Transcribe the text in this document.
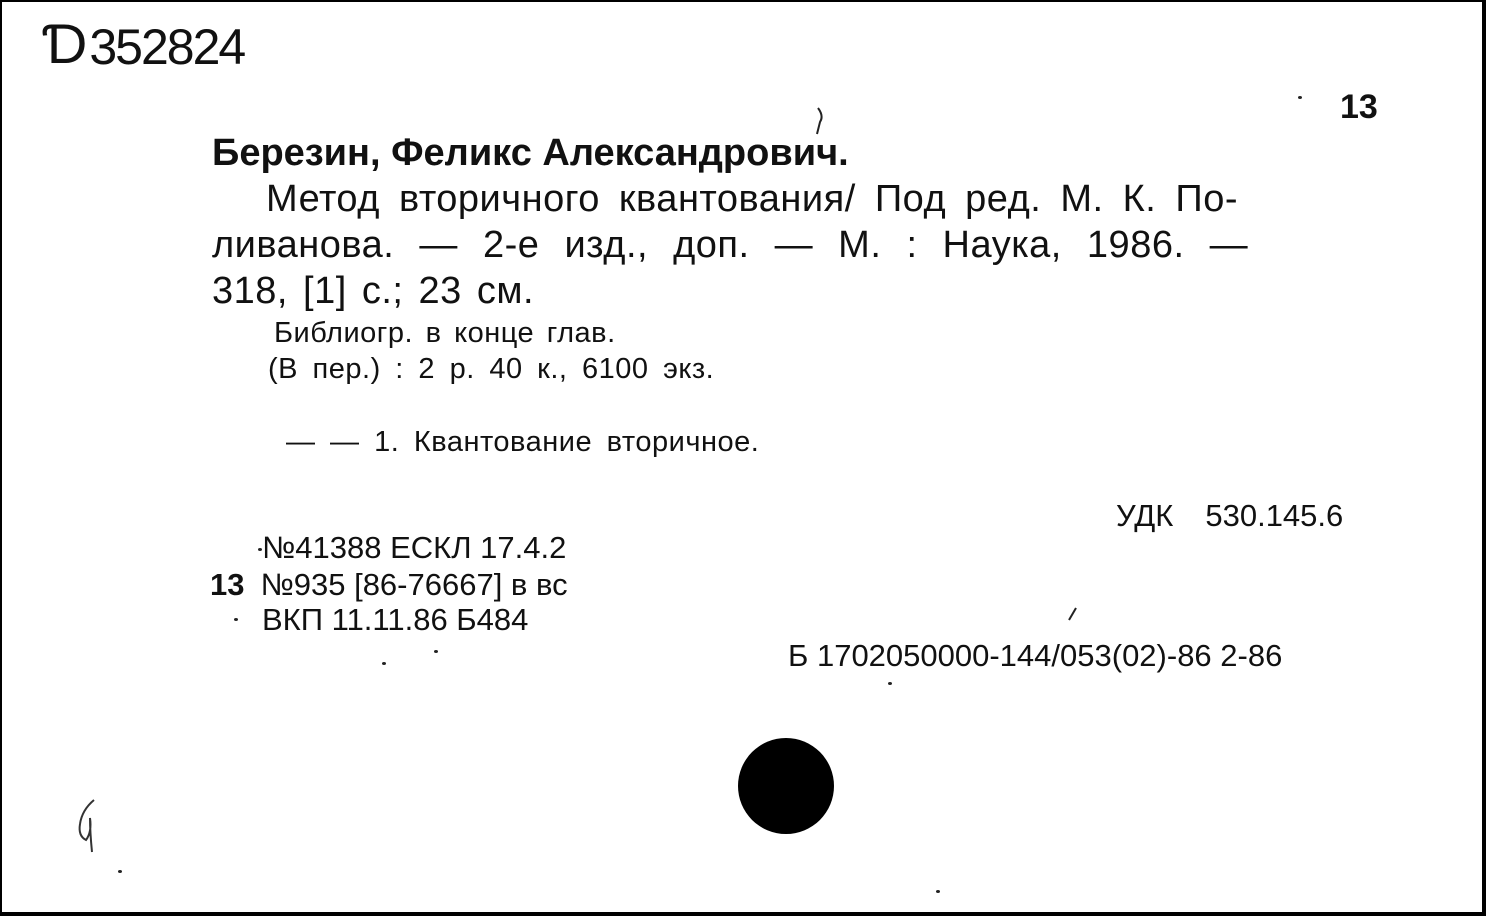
Ɗ 352824
13
Березин, Феликс Александрович.
Метод вторичного квантования/ Под ред. М. К. По-
ливанова. — 2-е изд., доп. — М. : Наука, 1986. —
318, [1] с.; 23 см.
Библиогр. в конце глав.
(В пер.) : 2 р. 40 к., 6100 экз.
— — 1. Квантование вторичное.
УДК 530.145.6
№41388 ЕСКЛ 17.4.2
13 №935 [86-76667] в вс
ВКП 11.11.86 Б484
Б 1702050000-144/053(02)-86 2-86
